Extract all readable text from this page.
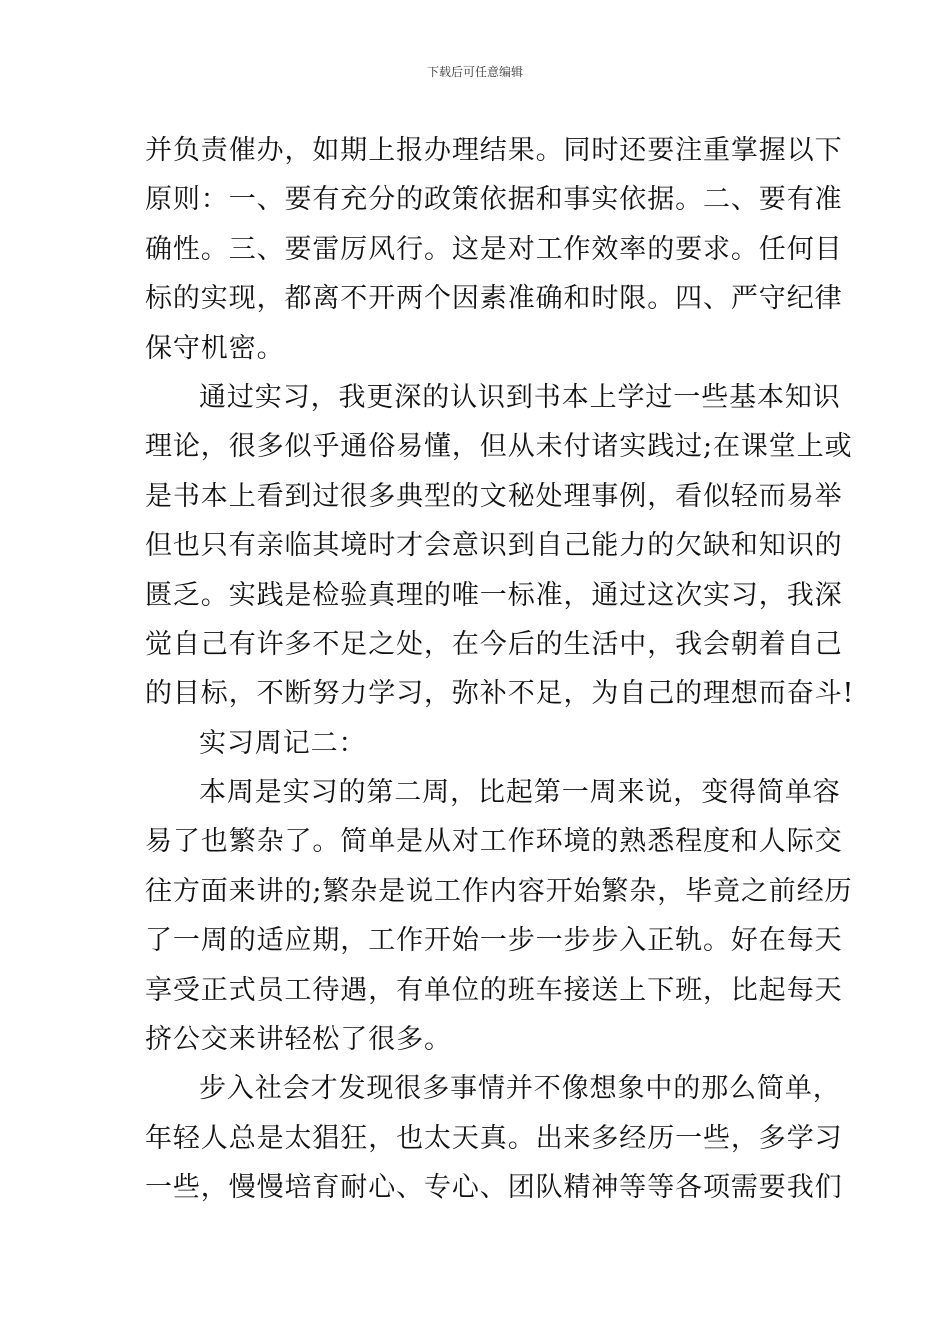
下载后可任意编辑
并负责催办，如期上报办理结果。同时还要注重掌握以下
原则：一、要有充分的政策依据和事实依据。二、要有准
确性。三、要雷厉风行。这是对工作效率的要求。任何目
标的实现，都离不开两个因素准确和时限。四、严守纪律
保守机密。
通过实习，我更深的认识到书本上学过一些基本知识
理论，很多似乎通俗易懂，但从未付诸实践过;在课堂上或
是书本上看到过很多典型的文秘处理事例，看似轻而易举
但也只有亲临其境时才会意识到自己能力的欠缺和知识的
匮乏。实践是检验真理的唯一标准，通过这次实习，我深
觉自己有许多不足之处，在今后的生活中，我会朝着自己
的目标，不断努力学习，弥补不足，为自己的理想而奋斗!
实习周记二：
本周是实习的第二周，比起第一周来说，变得简单容
易了也繁杂了。简单是从对工作环境的熟悉程度和人际交
往方面来讲的;繁杂是说工作内容开始繁杂，毕竟之前经历
了一周的适应期，工作开始一步一步步入正轨。好在每天
享受正式员工待遇，有单位的班车接送上下班，比起每天
挤公交来讲轻松了很多。
步入社会才发现很多事情并不像想象中的那么简单，
年轻人总是太猖狂，也太天真。出来多经历一些，多学习
一些，慢慢培育耐心、专心、团队精神等等各项需要我们
